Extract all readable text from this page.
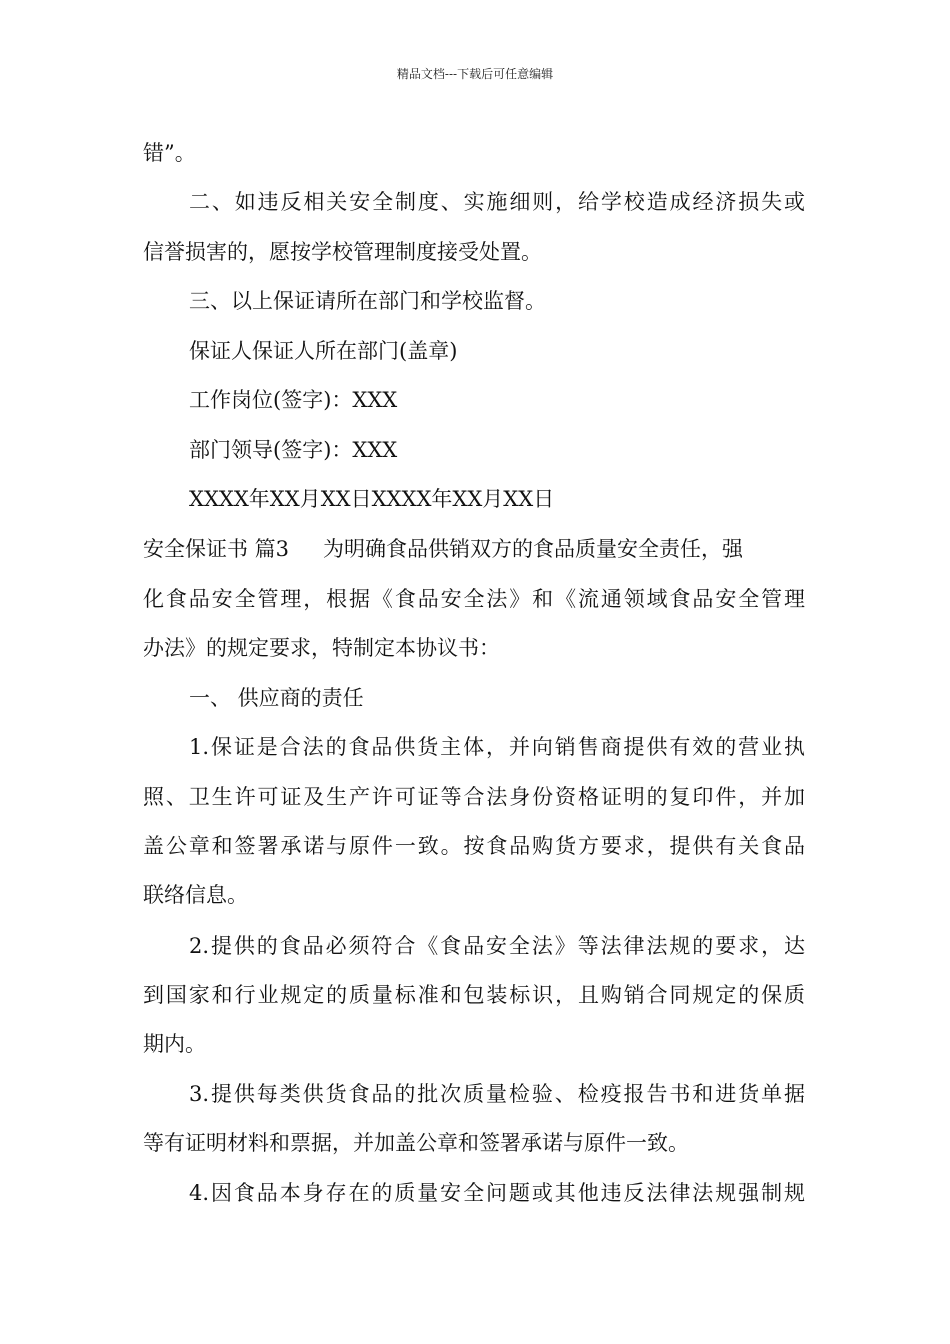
精品文档---下载后可任意编辑
错”。
二、如违反相关安全制度、实施细则，给学校造成经济损失或
信誉损害的，愿按学校管理制度接受处置。
三、以上保证请所在部门和学校监督。
保证人保证人所在部门(盖章)
工作岗位(签字)：XXX
部门领导(签字)：XXX
XXXX年XX月XX日XXXX年XX月XX日
安全保证书 篇3 为明确食品供销双方的食品质量安全责任，强
化食品安全管理，根据《食品安全法》和《流通领域食品安全管理
办法》的规定要求，特制定本协议书：
一、 供应商的责任
1.保证是合法的食品供货主体，并向销售商提供有效的营业执
照、卫生许可证及生产许可证等合法身份资格证明的复印件，并加
盖公章和签署承诺与原件一致。按食品购货方要求，提供有关食品
联络信息。
2.提供的食品必须符合《食品安全法》等法律法规的要求，达
到国家和行业规定的质量标准和包装标识，且购销合同规定的保质
期内。
3.提供每类供货食品的批次质量检验、检疫报告书和进货单据
等有证明材料和票据，并加盖公章和签署承诺与原件一致。
4.因食品本身存在的质量安全问题或其他违反法律法规强制规
